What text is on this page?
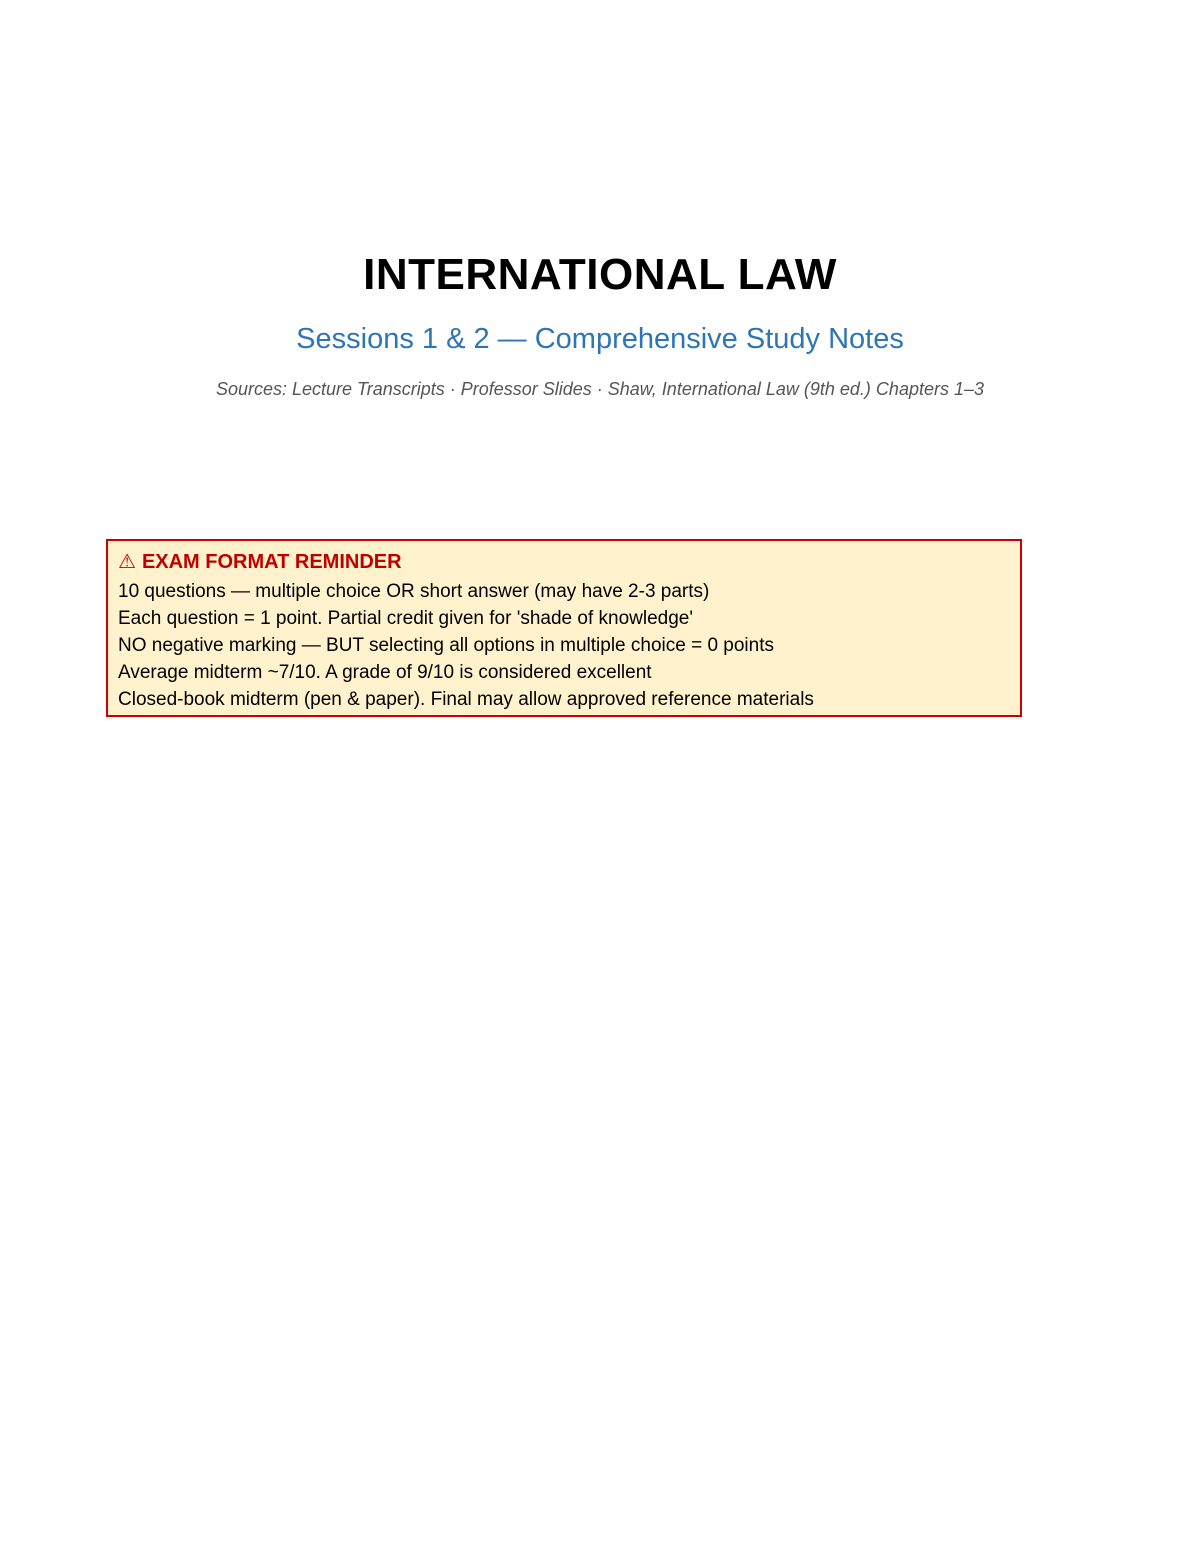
INTERNATIONAL LAW
Sessions 1 & 2 — Comprehensive Study Notes
Sources: Lecture Transcripts · Professor Slides · Shaw, International Law (9th ed.) Chapters 1–3
⚠ EXAM FORMAT REMINDER
10 questions — multiple choice OR short answer (may have 2-3 parts)
Each question = 1 point. Partial credit given for 'shade of knowledge'
NO negative marking — BUT selecting all options in multiple choice = 0 points
Average midterm ~7/10. A grade of 9/10 is considered excellent
Closed-book midterm (pen & paper). Final may allow approved reference materials
